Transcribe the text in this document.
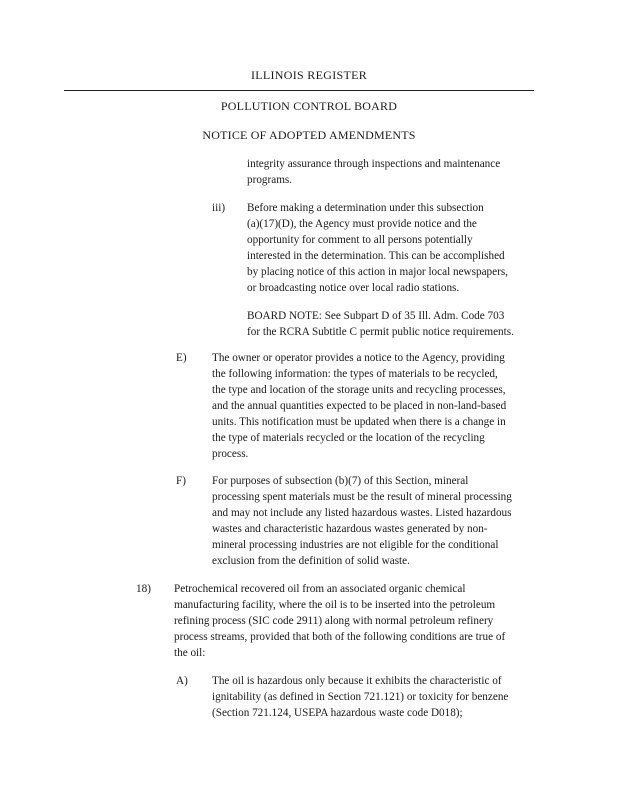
ILLINOIS REGISTER
POLLUTION CONTROL BOARD
NOTICE OF ADOPTED AMENDMENTS
integrity assurance through inspections and maintenance
programs.
iii) Before making a determination under this subsection
(a)(17)(D), the Agency must provide notice and the
opportunity for comment to all persons potentially
interested in the determination. This can be accomplished
by placing notice of this action in major local newspapers,
or broadcasting notice over local radio stations.
BOARD NOTE: See Subpart D of 35 Ill. Adm. Code 703
for the RCRA Subtitle C permit public notice requirements.
E) The owner or operator provides a notice to the Agency, providing
the following information: the types of materials to be recycled,
the type and location of the storage units and recycling processes,
and the annual quantities expected to be placed in non-land-based
units. This notification must be updated when there is a change in
the type of materials recycled or the location of the recycling
process.
F) For purposes of subsection (b)(7) of this Section, mineral
processing spent materials must be the result of mineral processing
and may not include any listed hazardous wastes. Listed hazardous
wastes and characteristic hazardous wastes generated by non-
mineral processing industries are not eligible for the conditional
exclusion from the definition of solid waste.
18) Petrochemical recovered oil from an associated organic chemical
manufacturing facility, where the oil is to be inserted into the petroleum
refining process (SIC code 2911) along with normal petroleum refinery
process streams, provided that both of the following conditions are true of
the oil:
A) The oil is hazardous only because it exhibits the characteristic of
ignitability (as defined in Section 721.121) or toxicity for benzene
(Section 721.124, USEPA hazardous waste code D018);
